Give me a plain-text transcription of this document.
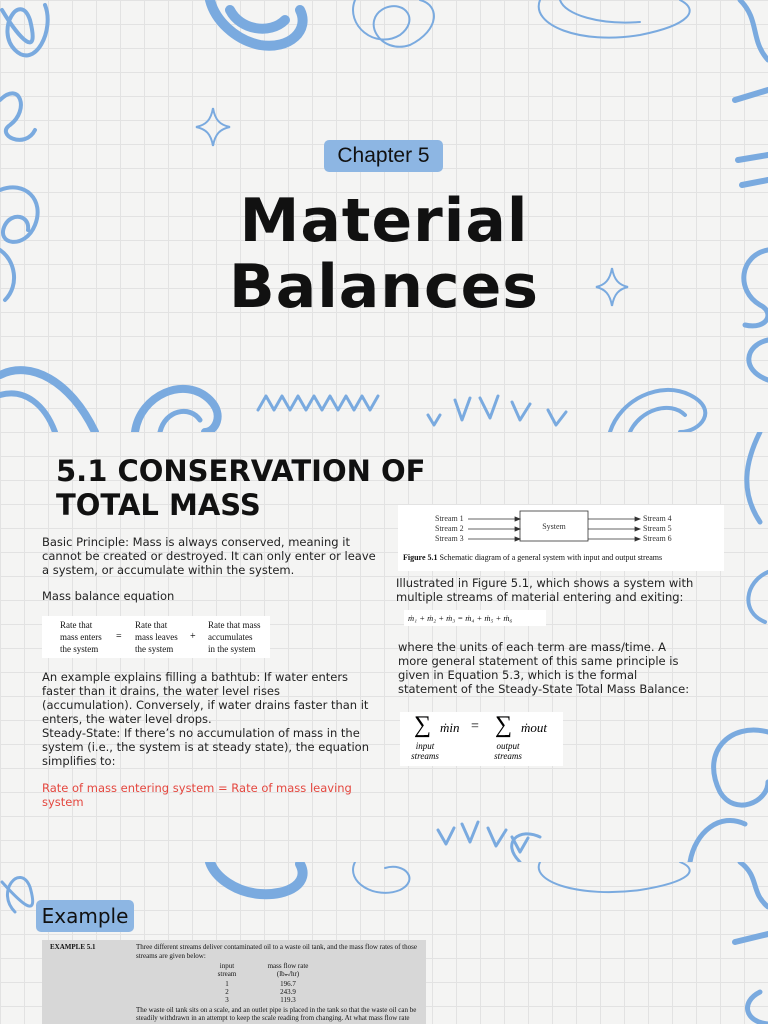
Chapter 5
Material
Balances
5.1 CONSERVATION OF TOTAL MASS
Basic Principle: Mass is always conserved, meaning it cannot be created or destroyed. It can only enter or leave a system, or accumulate within the system.
Mass balance equation
Rate that
mass enters
the system
=
Rate that
mass leaves
the system
+
Rate that mass
accumulates
in the system
An example explains filling a bathtub: If water enters faster than it drains, the water level rises (accumulation). Conversely, if water drains faster than it enters, the water level drops.
Steady-State: If there’s no accumulation of mass in the system (i.e., the system is at steady state), the equation simplifies to:
Rate of mass entering system = Rate of mass leaving system
Stream 1
Stream 2
Stream 3
System
Stream 4
Stream 5
Stream 6
Figure 5.1 Schematic diagram of a general system with input and output streams
Illustrated in Figure 5.1, which shows a system with multiple streams of material entering and exiting:
ṁ₁ + ṁ₂ + ṁ₃ = ṁ₄ + ṁ₅ + ṁ₆
where the units of each term are mass/time. A more general statement of this same principle is given in Equation 5.3, which is the formal statement of the Steady-State Total Mass Balance:
∑ ṁin = ∑ ṁout
input
streams
output
streams
Example
EXAMPLE 5.1	Three different streams deliver contaminated oil to a waste oil tank, and the mass flow rates of those streams are given below:
input stream
mass flow rate (lbₘ/hr)
1
2
3
196.7
243.9
119.3
The waste oil tank sits on a scale, and an outlet pipe is placed in the tank so that the waste oil can be steadily withdrawn in an attempt to keep the scale reading from changing. At what mass flow rate
